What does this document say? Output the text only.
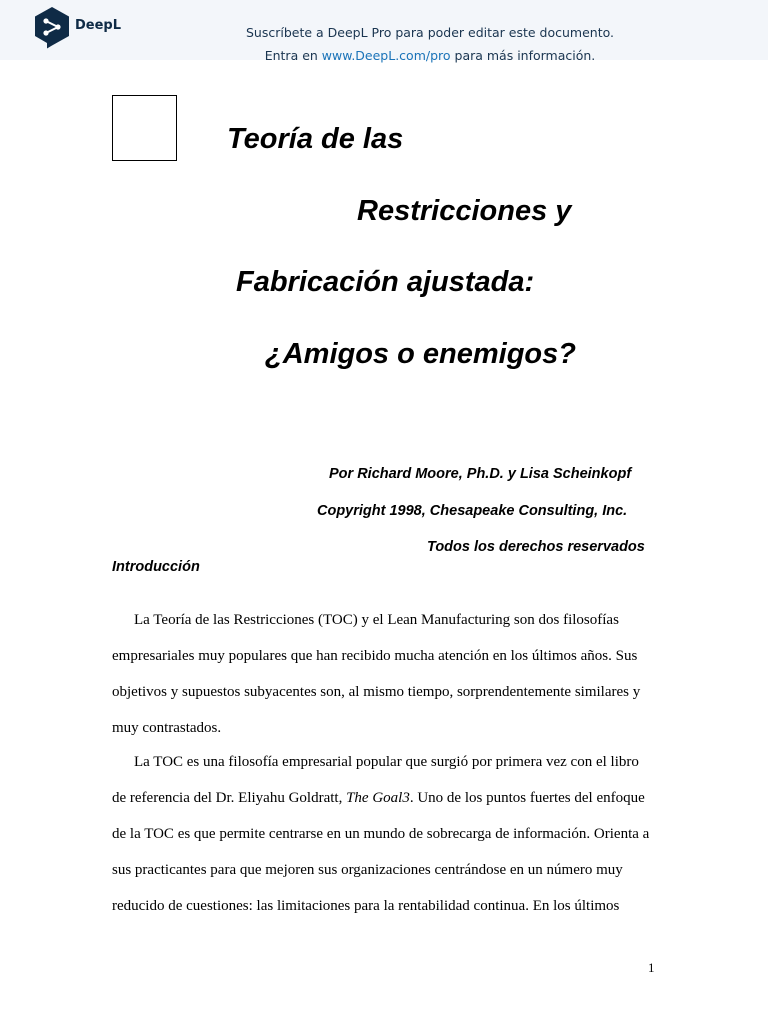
DeepL	Suscríbete a DeepL Pro para poder editar este documento.
Entra en www.DeepL.com/pro para más información.
Teoría de las
Restricciones y
Fabricación ajustada:
¿Amigos o enemigos?
Por Richard Moore, Ph.D. y Lisa Scheinkopf
Copyright 1998, Chesapeake Consulting, Inc.
Todos los derechos reservados
Introducción
La Teoría de las Restricciones (TOC) y el Lean Manufacturing son dos filosofías
empresariales muy populares que han recibido mucha atención en los últimos años. Sus
objetivos y supuestos subyacentes son, al mismo tiempo, sorprendentemente similares y
muy contrastados.
La TOC es una filosofía empresarial popular que surgió por primera vez con el libro
de referencia del Dr. Eliyahu Goldratt, The Goal3. Uno de los puntos fuertes del enfoque
de la TOC es que permite centrarse en un mundo de sobrecarga de información. Orienta a
sus practicantes para que mejoren sus organizaciones centrándose en un número muy
reducido de cuestiones: las limitaciones para la rentabilidad continua. En los últimos
1
